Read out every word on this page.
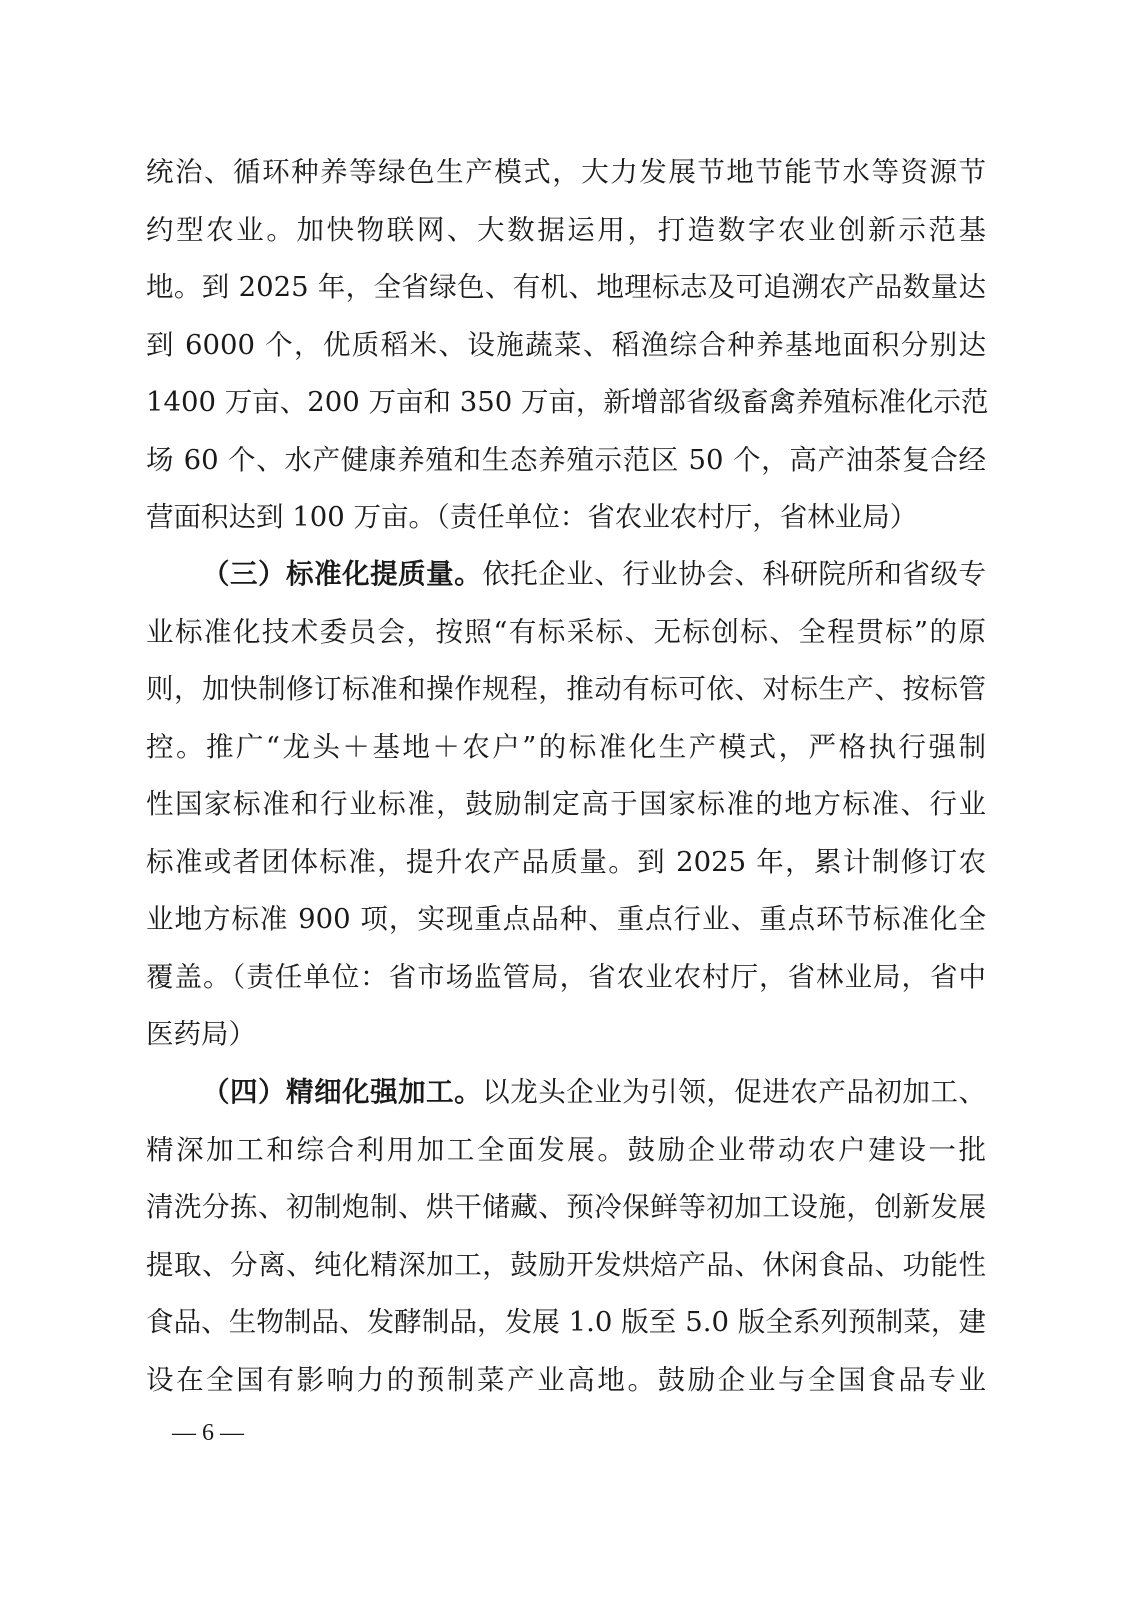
统治、循环种养等绿色生产模式，大力发展节地节能节水等资源节
约型农业。加快物联网、大数据运用，打造数字农业创新示范基
地。到 2025 年，全省绿色、有机、地理标志及可追溯农产品数量达
到 6000 个，优质稻米、设施蔬菜、稻渔综合种养基地面积分别达
1400 万亩、200 万亩和 350 万亩，新增部省级畜禽养殖标准化示范
场 60 个、水产健康养殖和生态养殖示范区 50 个，高产油茶复合经
营面积达到 100 万亩。（责任单位：省农业农村厅，省林业局）
（三）标准化提质量。依托企业、行业协会、科研院所和省级专
业标准化技术委员会，按照“有标采标、无标创标、全程贯标”的原
则，加快制修订标准和操作规程，推动有标可依、对标生产、按标管
控。推广“龙头＋基地＋农户”的标准化生产模式，严格执行强制
性国家标准和行业标准，鼓励制定高于国家标准的地方标准、行业
标准或者团体标准，提升农产品质量。到 2025 年，累计制修订农
业地方标准 900 项，实现重点品种、重点行业、重点环节标准化全
覆盖。（责任单位：省市场监管局，省农业农村厅，省林业局，省中
医药局）
（四）精细化强加工。以龙头企业为引领，促进农产品初加工、
精深加工和综合利用加工全面发展。鼓励企业带动农户建设一批
清洗分拣、初制炮制、烘干储藏、预冷保鲜等初加工设施，创新发展
提取、分离、纯化精深加工，鼓励开发烘焙产品、休闲食品、功能性
食品、生物制品、发酵制品，发展 1.0 版至 5.0 版全系列预制菜，建
设在全国有影响力的预制菜产业高地。鼓励企业与全国食品专业
— 6 —
